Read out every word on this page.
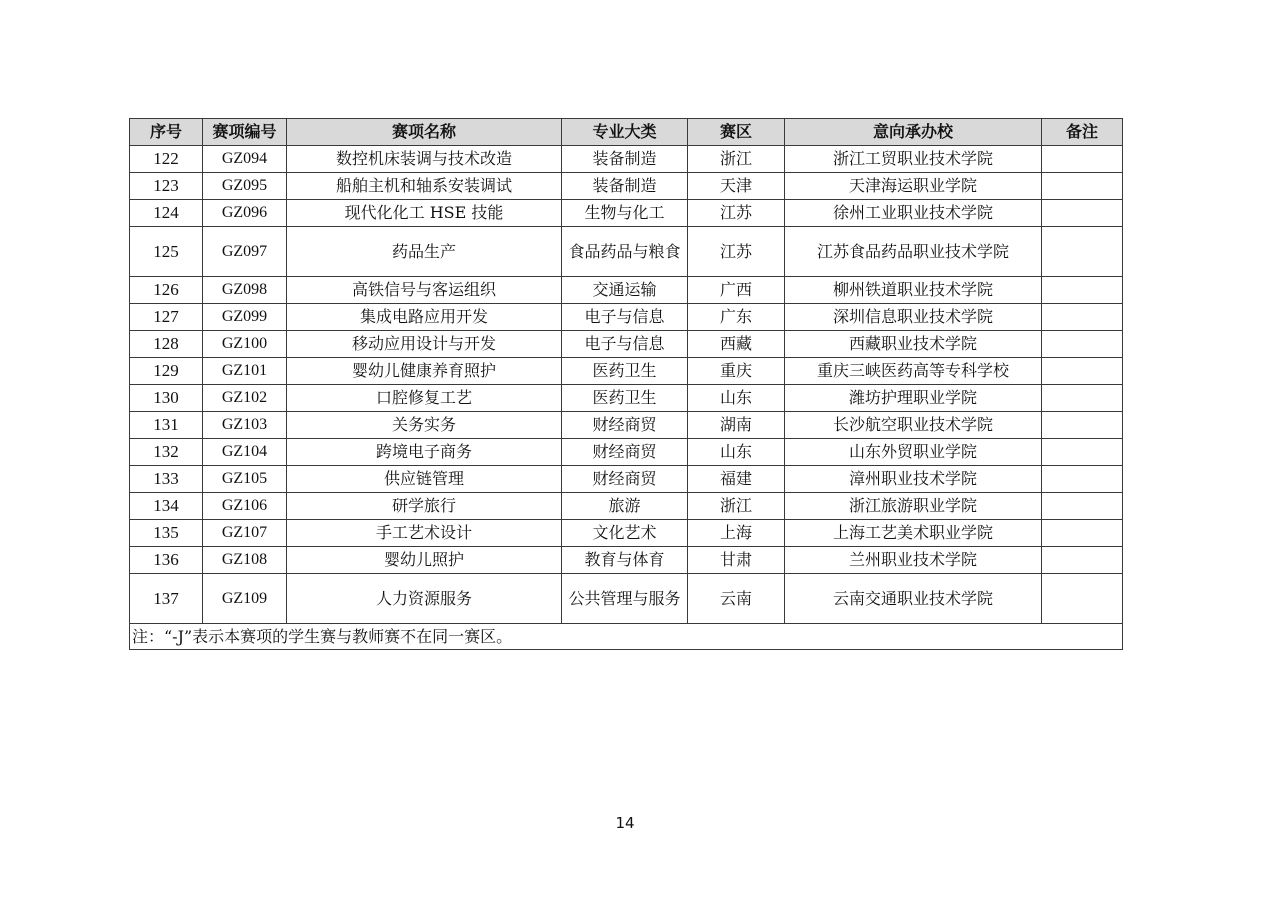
序号	赛项编号	赛项名称	专业大类	赛区	意向承办校	备注
122	GZ094	数控机床装调与技术改造	装备制造	浙江	浙江工贸职业技术学院	
123	GZ095	船舶主机和轴系安装调试	装备制造	天津	天津海运职业学院	
124	GZ096	现代化化工 HSE 技能	生物与化工	江苏	徐州工业职业技术学院	
125	GZ097	药品生产	食品药品与粮食	江苏	江苏食品药品职业技术学院	
126	GZ098	高铁信号与客运组织	交通运输	广西	柳州铁道职业技术学院	
127	GZ099	集成电路应用开发	电子与信息	广东	深圳信息职业技术学院	
128	GZ100	移动应用设计与开发	电子与信息	西藏	西藏职业技术学院	
129	GZ101	婴幼儿健康养育照护	医药卫生	重庆	重庆三峡医药高等专科学校	
130	GZ102	口腔修复工艺	医药卫生	山东	潍坊护理职业学院	
131	GZ103	关务实务	财经商贸	湖南	长沙航空职业技术学院	
132	GZ104	跨境电子商务	财经商贸	山东	山东外贸职业学院	
133	GZ105	供应链管理	财经商贸	福建	漳州职业技术学院	
134	GZ106	研学旅行	旅游	浙江	浙江旅游职业学院	
135	GZ107	手工艺术设计	文化艺术	上海	上海工艺美术职业学院	
136	GZ108	婴幼儿照护	教育与体育	甘肃	兰州职业技术学院	
137	GZ109	人力资源服务	公共管理与服务	云南	云南交通职业技术学院	
注：“-J”表示本赛项的学生赛与教师赛不在同一赛区。						
14
